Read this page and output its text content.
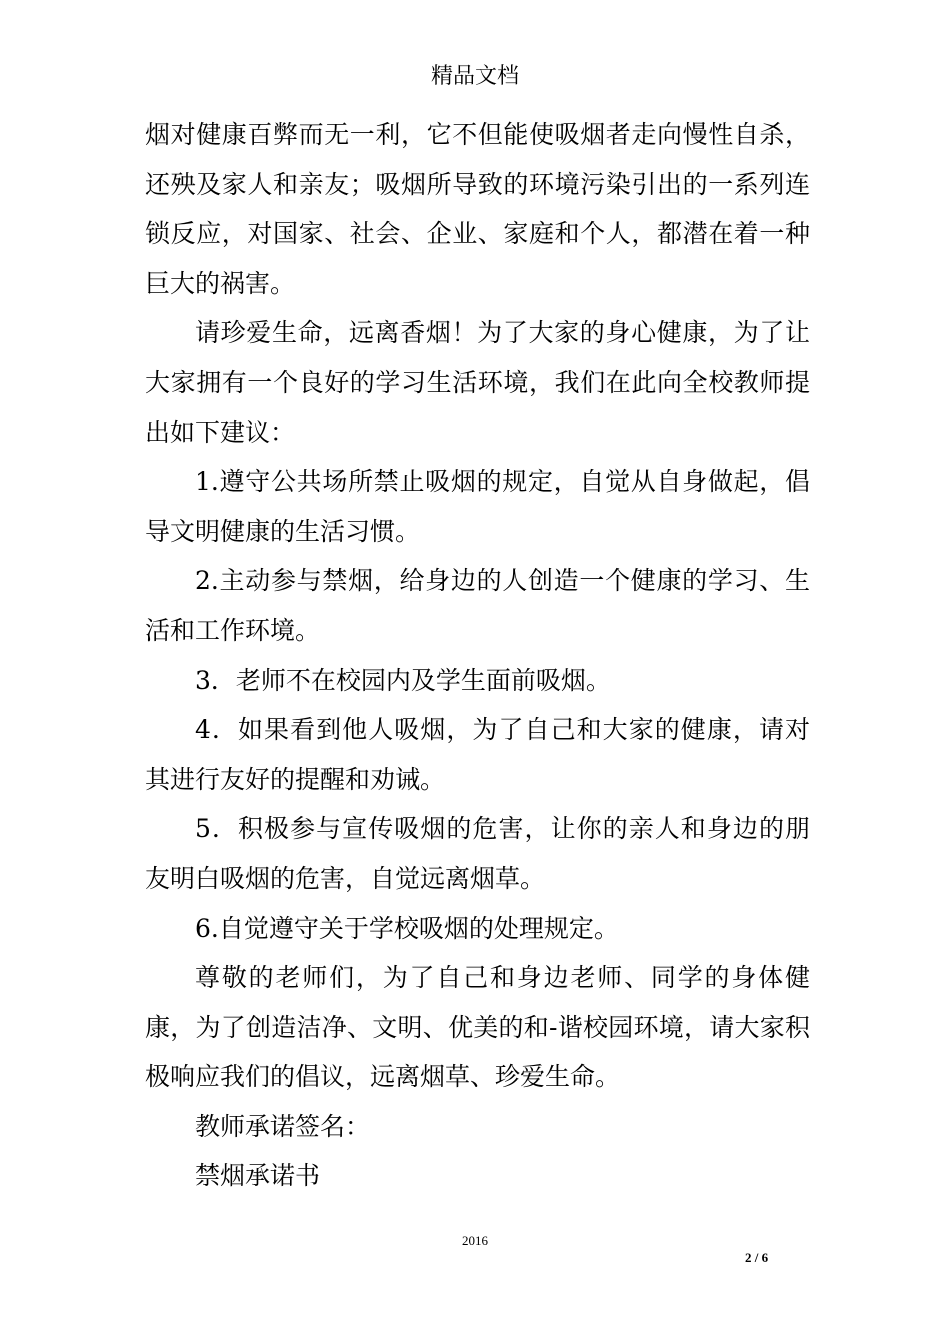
精品文档

烟对健康百弊而无一利，它不但能使吸烟者走向慢性自杀，还殃及家人和亲友；吸烟所导致的环境污染引出的一系列连锁反应，对国家、社会、企业、家庭和个人，都潜在着一种巨大的祸害。

请珍爱生命，远离香烟！为了大家的身心健康，为了让大家拥有一个良好的学习生活环境，我们在此向全校教师提出如下建议：

1.遵守公共场所禁止吸烟的规定，自觉从自身做起，倡导文明健康的生活习惯。

2.主动参与禁烟，给身边的人创造一个健康的学习、生活和工作环境。

3．老师不在校园内及学生面前吸烟。

4．如果看到他人吸烟，为了自己和大家的健康，请对其进行友好的提醒和劝诫。

5．积极参与宣传吸烟的危害，让你的亲人和身边的朋友明白吸烟的危害，自觉远离烟草。

6.自觉遵守关于学校吸烟的处理规定。

尊敬的老师们，为了自己和身边老师、同学的身体健康，为了创造洁净、文明、优美的和-谐校园环境，请大家积极响应我们的倡议，远离烟草、珍爱生命。

教师承诺签名：

禁烟承诺书

2016
2 / 6
